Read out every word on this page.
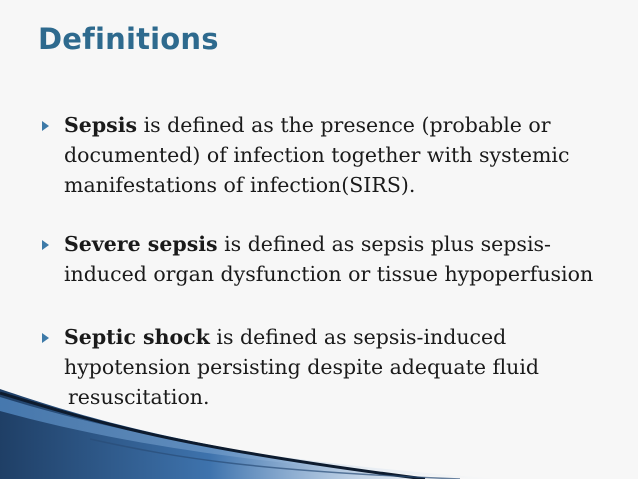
Definitions
Sepsis is defined as the presence (probable or documented) of infection together with systemic manifestations of infection(SIRS).
Severe sepsis is defined as sepsis plus sepsis-induced organ dysfunction or tissue hypoperfusion
Septic shock is defined as sepsis-induced hypotension persisting despite adequate fluid
resuscitation.
